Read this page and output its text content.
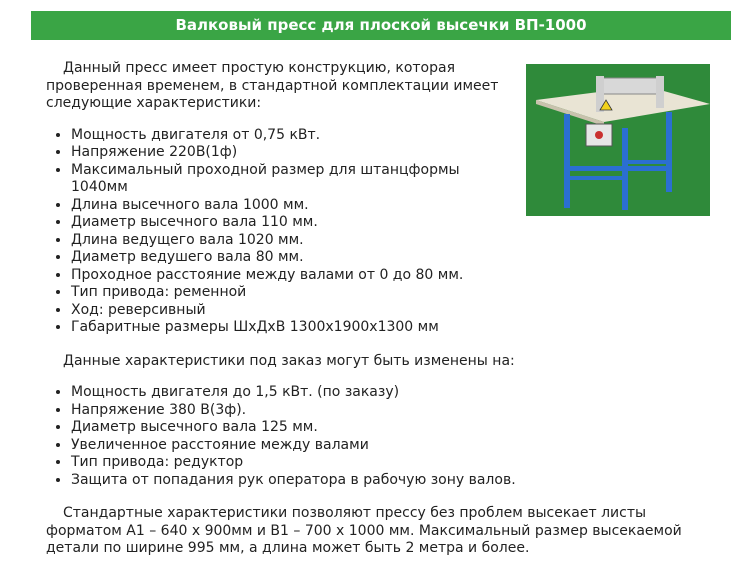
Валковый пресс для плоской высечки ВП-1000

Данный пресс имеет простую конструкцию, которая проверенная временем, в стандартной комплектации имеет следующие характеристики:

• Мощность двигателя от 0,75 кВт.
• Напряжение 220В(1ф)
• Максимальный проходной размер для штанцформы 1040мм
• Длина высечного вала 1000 мм.
• Диаметр высечного вала 110 мм.
• Длина ведущего вала 1020 мм.
• Диаметр ведушего вала 80 мм.
• Проходное расстояние между валами от 0 до 80 мм.
• Тип привода: ременной
• Ход: реверсивный
• Габаритные размеры ШхДхВ 1300х1900х1300 мм

Данные характеристики под заказ могут быть изменены на:

• Мощность двигателя до 1,5 кВт. (по заказу)
• Напряжение 380 В(3ф).
• Диаметр высечного вала 125 мм.
• Увеличенное расстояние между валами
• Тип привода: редуктор
• Защита от попадания рук оператора в рабочую зону валов.

Стандартные характеристики позволяют прессу без проблем высекает листы форматом А1 – 640 х 900мм и В1 – 700 х 1000 мм. Максимальный размер высекаемой детали по ширине 995 мм, а длина может быть 2 метра и более.
